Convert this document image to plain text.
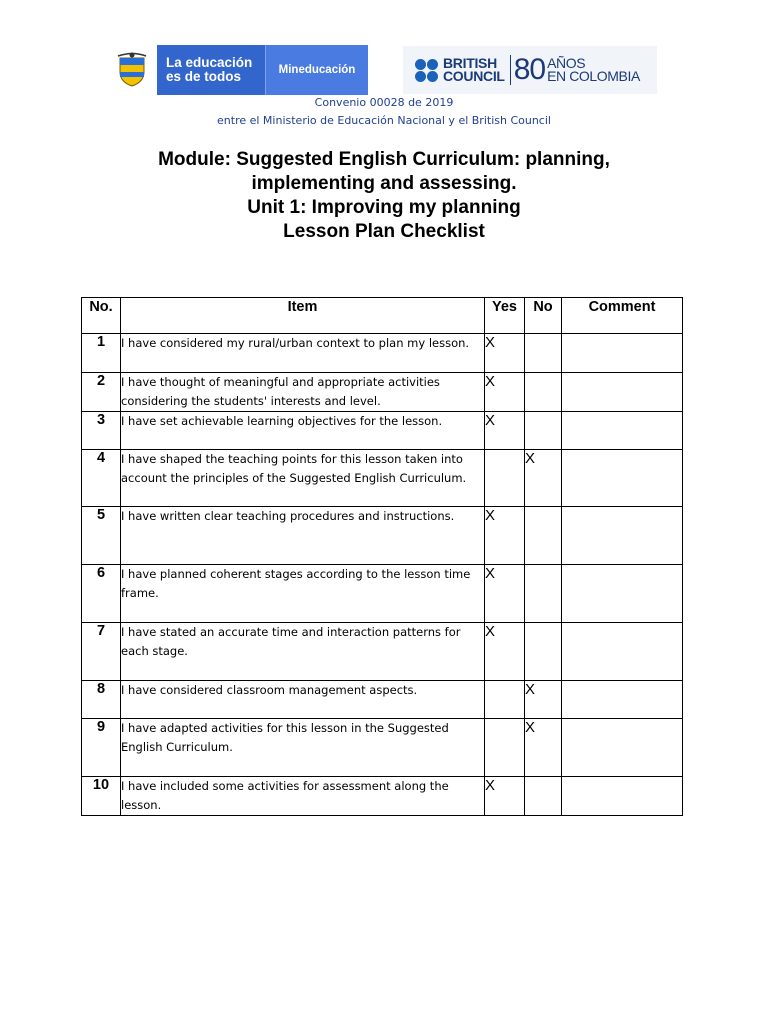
La educación
es de todos	Mineducación	BRITISH
COUNCIL 80 AÑOS
EN COLOMBIA
Convenio 00028 de 2019
entre el Ministerio de Educación Nacional y el British Council
Module: Suggested English Curriculum: planning,
implementing and assessing.
Unit 1: Improving my planning
Lesson Plan Checklist
No.	Item	Yes	No	Comment
1	I have considered my rural/urban context to plan my lesson.	X		
2	I have thought of meaningful and appropriate activities considering the students' interests and level.	X		
3	I have set achievable learning objectives for the lesson.	X		
4	I have shaped the teaching points for this lesson taken into account the principles of the Suggested English Curriculum.		X	
5	I have written clear teaching procedures and instructions.	X		
6	I have planned coherent stages according to the lesson time frame.	X		
7	I have stated an accurate time and interaction patterns for each stage.	X		
8	I have considered classroom management aspects.		X	
9	I have adapted activities for this lesson in the Suggested English Curriculum.		X	
10	I have included some activities for assessment along the lesson.	X		
